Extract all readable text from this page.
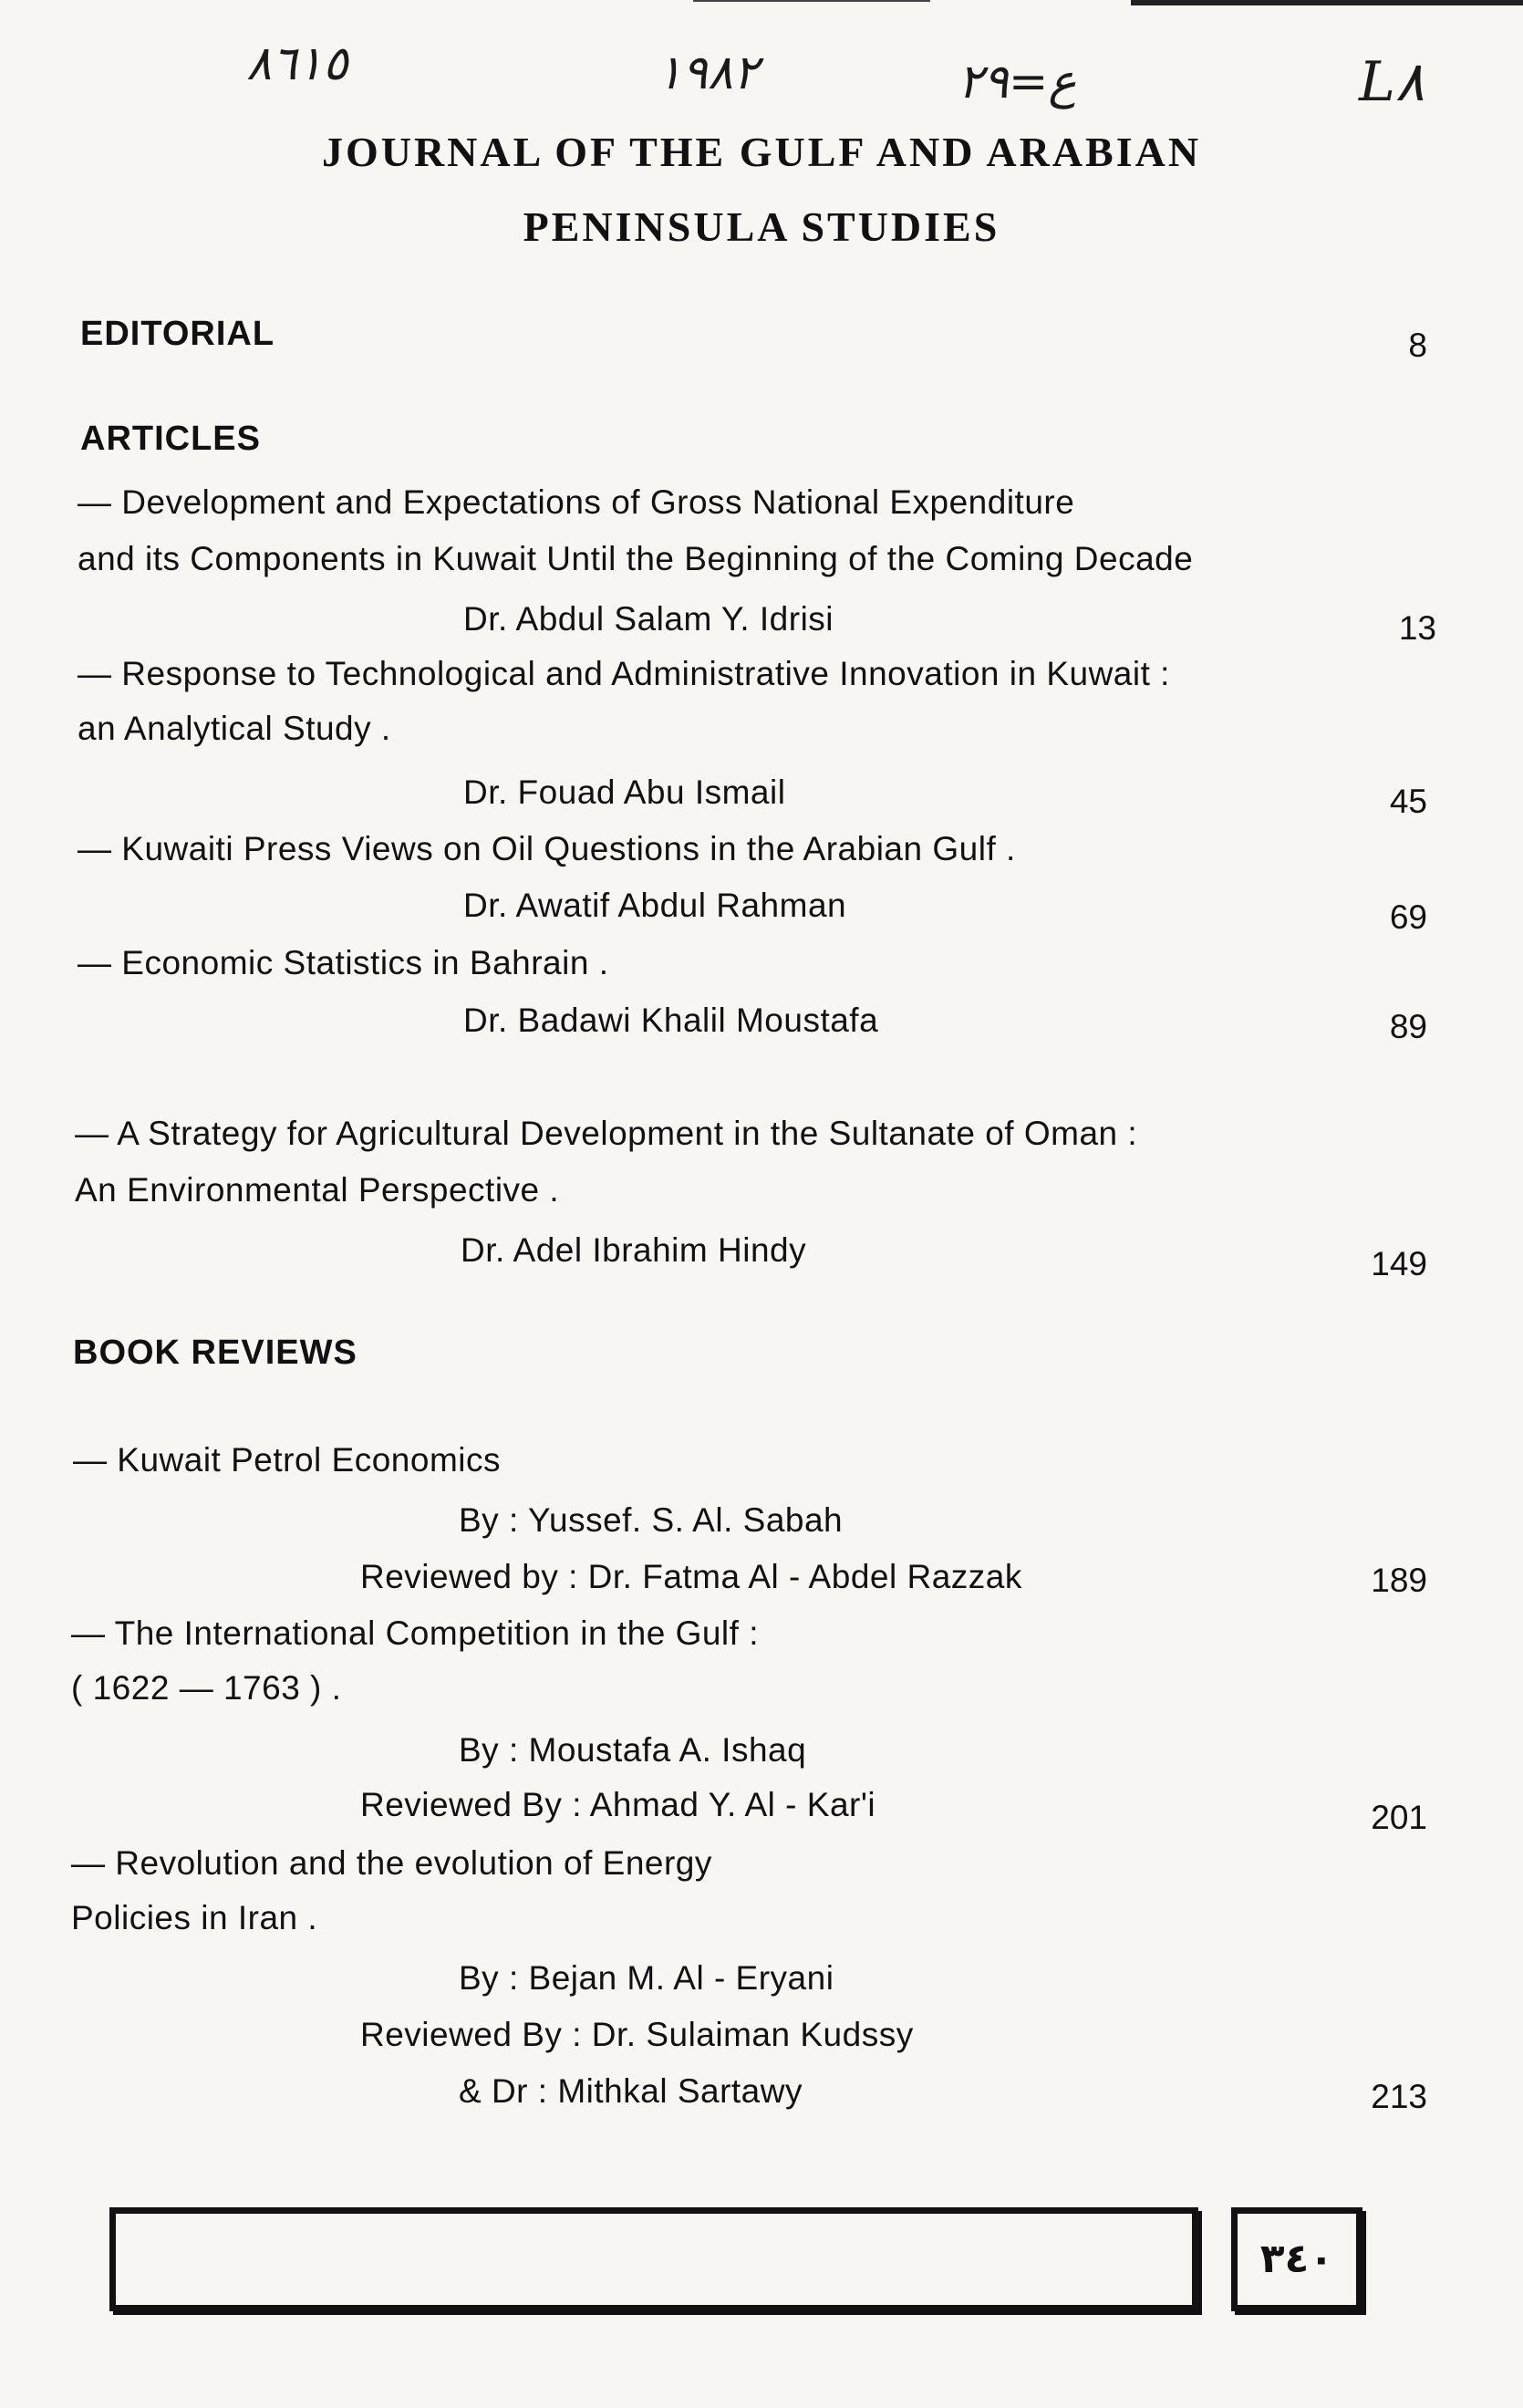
٨٦١٥	١٩٨٢	ع=٢٩	L٨
JOURNAL OF THE GULF AND ARABIAN
PENINSULA STUDIES
EDITORIAL	8
ARTICLES
— Development and Expectations of Gross National Expenditure
and its Components in Kuwait Until the Beginning of the Coming Decade
Dr. Abdul Salam Y. Idrisi	13
— Response to Technological and Administrative Innovation in Kuwait :
an Analytical Study .
Dr. Fouad Abu Ismail	45
— Kuwaiti Press Views on Oil Questions in the Arabian Gulf .
Dr. Awatif Abdul Rahman	69
— Economic Statistics in Bahrain .
Dr. Badawi Khalil Moustafa	89
— A Strategy for Agricultural Development in the Sultanate of Oman :
An Environmental Perspective .
Dr. Adel Ibrahim Hindy	149
BOOK REVIEWS
— Kuwait Petrol Economics
By : Yussef. S. Al. Sabah
Reviewed by : Dr. Fatma Al - Abdel Razzak	189
— The International Competition in the Gulf :
( 1622 — 1763 ) .
By : Moustafa A. Ishaq
Reviewed By : Ahmad Y. Al - Kar'i	201
— Revolution and the evolution of Energy
Policies in Iran .
By : Bejan M. Al - Eryani
Reviewed By : Dr. Sulaiman Kudssy
& Dr : Mithkal Sartawy	213
٣٤٠
